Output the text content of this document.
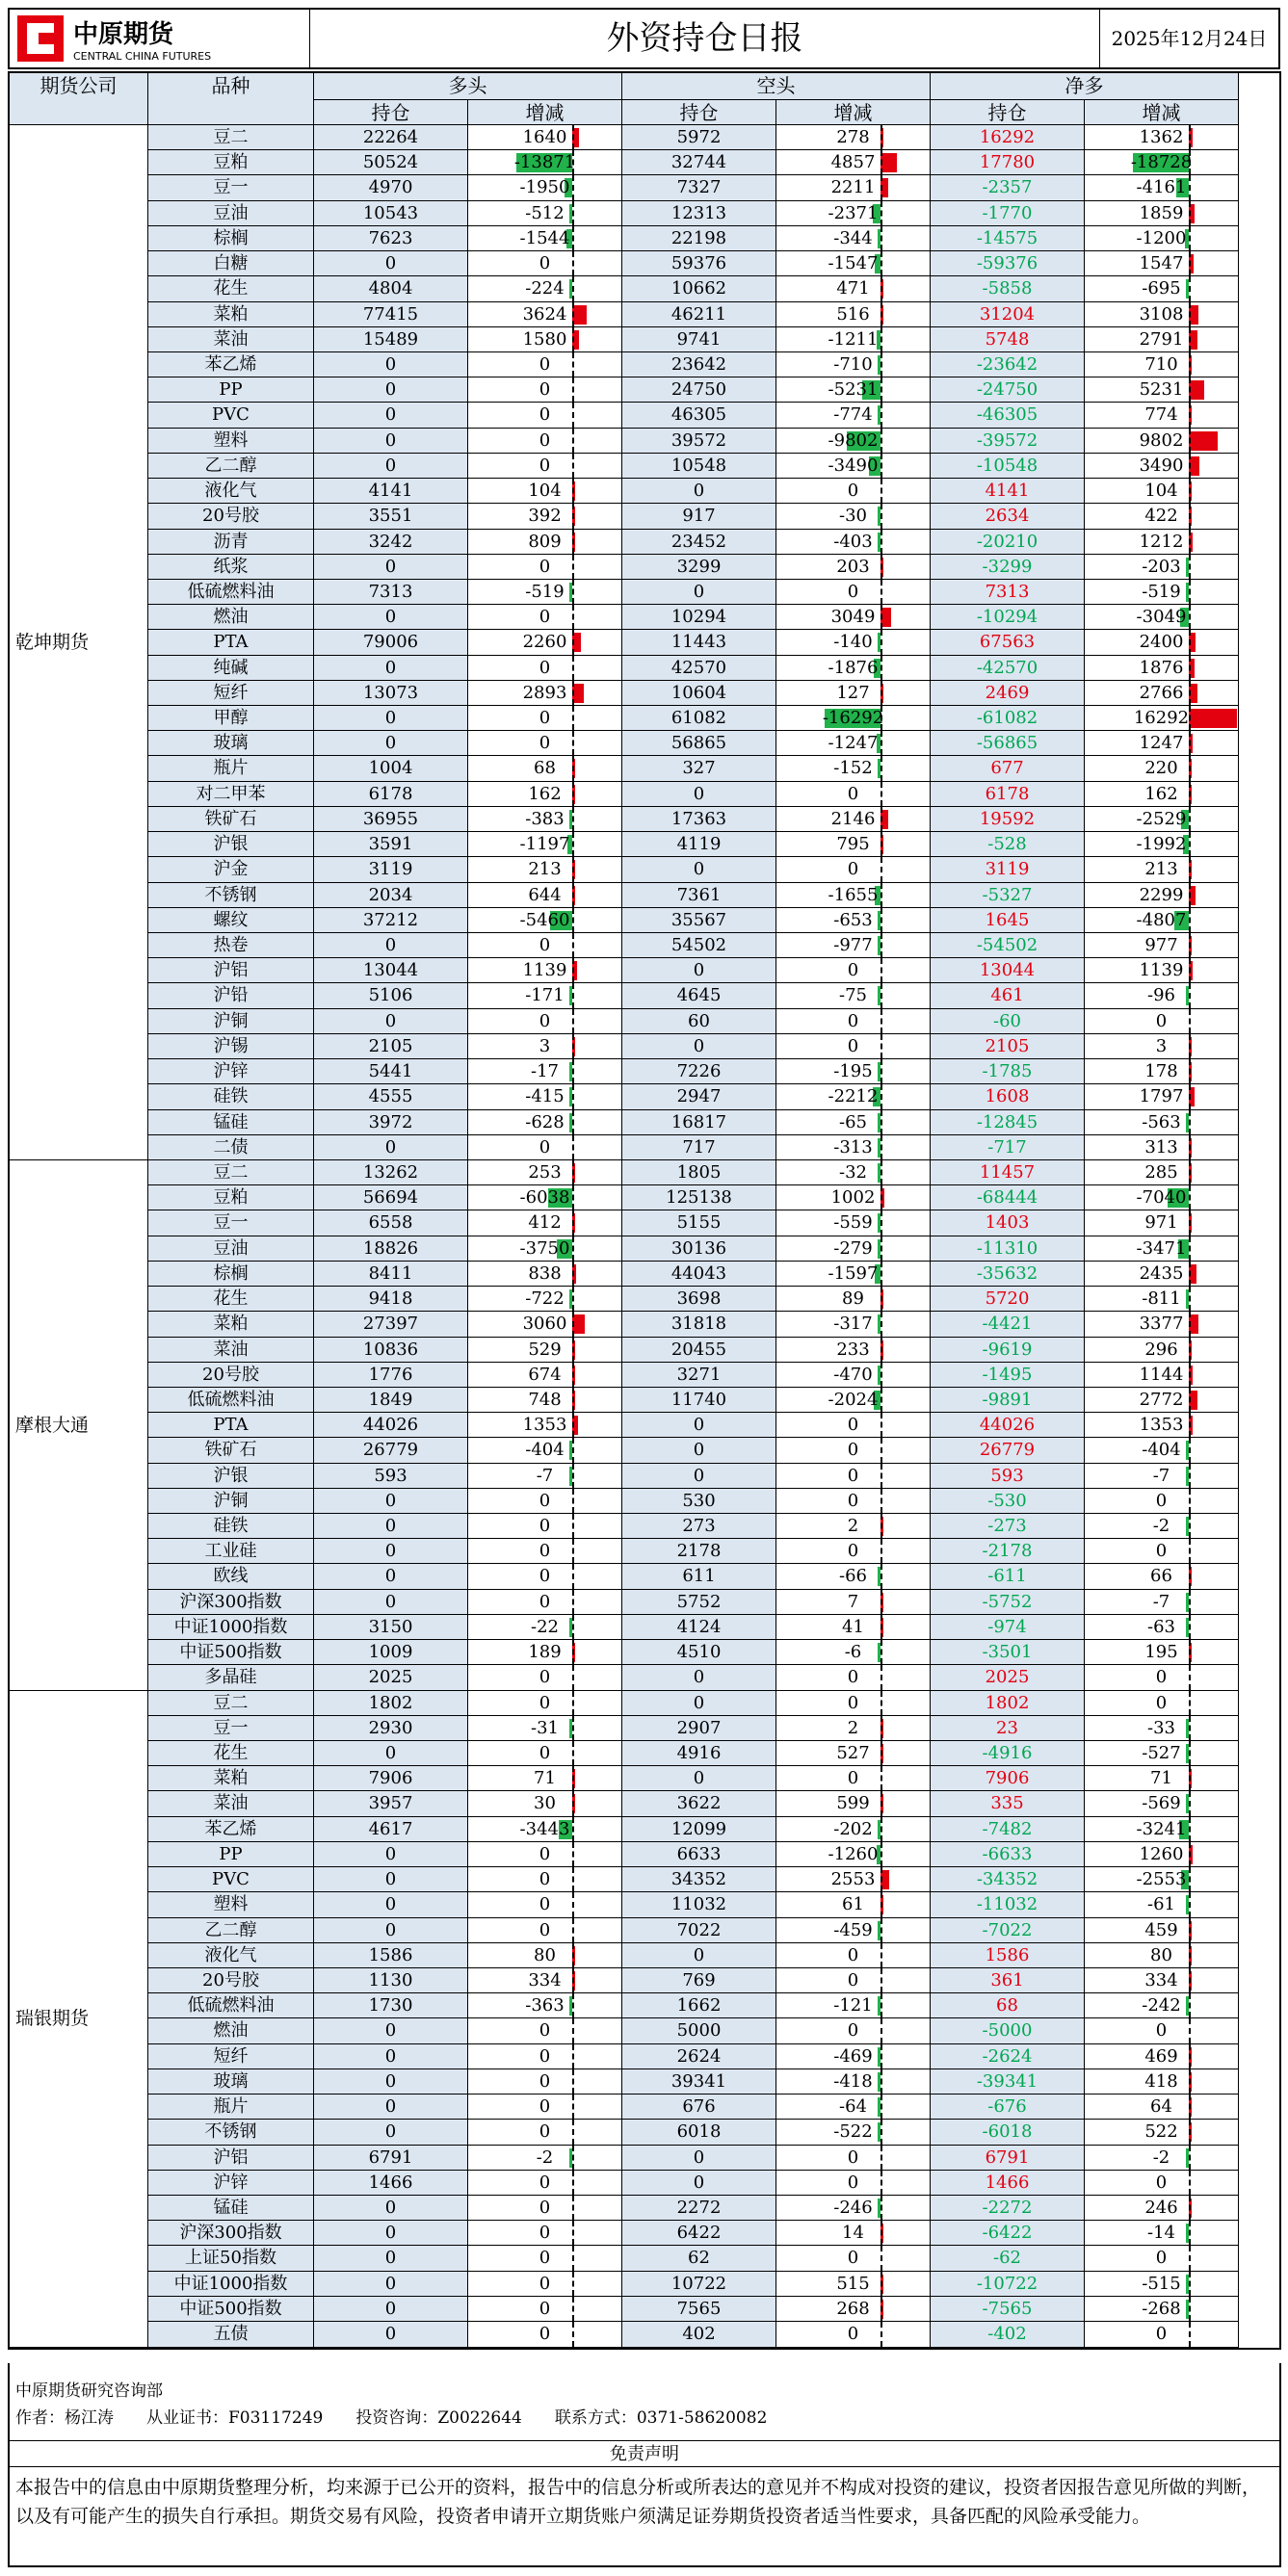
中原期货
CENTRAL CHINA FUTURES	外资持仓日报	2025年12月24日
期货公司	品种	多头	空头	净多
持仓	增减	持仓	增减	持仓	增减
乾坤期货
豆二	22264	1640	5972	278	16292	1362
豆粕	50524	-13871	32744	4857	17780	-18728
豆一	4970	-1950	7327	2211	-2357	-4161
豆油	10543	-512	12313	-2371	-1770	1859
棕榈	7623	-1544	22198	-344	-14575	-1200
白糖	0	0	59376	-1547	-59376	1547
花生	4804	-224	10662	471	-5858	-695
菜粕	77415	3624	46211	516	31204	3108
菜油	15489	1580	9741	-1211	5748	2791
苯乙烯	0	0	23642	-710	-23642	710
PP	0	0	24750	-5231	-24750	5231
PVC	0	0	46305	-774	-46305	774
塑料	0	0	39572	-9802	-39572	9802
乙二醇	0	0	10548	-3490	-10548	3490
液化气	4141	104	0	0	4141	104
20号胶	3551	392	917	-30	2634	422
沥青	3242	809	23452	-403	-20210	1212
纸浆	0	0	3299	203	-3299	-203
低硫燃料油	7313	-519	0	0	7313	-519
燃油	0	0	10294	3049	-10294	-3049
PTA	79006	2260	11443	-140	67563	2400
纯碱	0	0	42570	-1876	-42570	1876
短纤	13073	2893	10604	127	2469	2766
甲醇	0	0	61082	-16292	-61082	16292
玻璃	0	0	56865	-1247	-56865	1247
瓶片	1004	68	327	-152	677	220
对二甲苯	6178	162	0	0	6178	162
铁矿石	36955	-383	17363	2146	19592	-2529
沪银	3591	-1197	4119	795	-528	-1992
沪金	3119	213	0	0	3119	213
不锈钢	2034	644	7361	-1655	-5327	2299
螺纹	37212	-5460	35567	-653	1645	-4807
热卷	0	0	54502	-977	-54502	977
沪铝	13044	1139	0	0	13044	1139
沪铅	5106	-171	4645	-75	461	-96
沪铜	0	0	60	0	-60	0
沪锡	2105	3	0	0	2105	3
沪锌	5441	-17	7226	-195	-1785	178
硅铁	4555	-415	2947	-2212	1608	1797
锰硅	3972	-628	16817	-65	-12845	-563
二债	0	0	717	-313	-717	313
摩根大通
豆二	13262	253	1805	-32	11457	285
豆粕	56694	-6038	125138	1002	-68444	-7040
豆一	6558	412	5155	-559	1403	971
豆油	18826	-3750	30136	-279	-11310	-3471
棕榈	8411	838	44043	-1597	-35632	2435
花生	9418	-722	3698	89	5720	-811
菜粕	27397	3060	31818	-317	-4421	3377
菜油	10836	529	20455	233	-9619	296
20号胶	1776	674	3271	-470	-1495	1144
低硫燃料油	1849	748	11740	-2024	-9891	2772
PTA	44026	1353	0	0	44026	1353
铁矿石	26779	-404	0	0	26779	-404
沪银	593	-7	0	0	593	-7
沪铜	0	0	530	0	-530	0
硅铁	0	0	273	2	-273	-2
工业硅	0	0	2178	0	-2178	0
欧线	0	0	611	-66	-611	66
沪深300指数	0	0	5752	7	-5752	-7
中证1000指数	3150	-22	4124	41	-974	-63
中证500指数	1009	189	4510	-6	-3501	195
多晶硅	2025	0	0	0	2025	0
瑞银期货
豆二	1802	0	0	0	1802	0
豆一	2930	-31	2907	2	23	-33
花生	0	0	4916	527	-4916	-527
菜粕	7906	71	0	0	7906	71
菜油	3957	30	3622	599	335	-569
苯乙烯	4617	-3443	12099	-202	-7482	-3241
PP	0	0	6633	-1260	-6633	1260
PVC	0	0	34352	2553	-34352	-2553
塑料	0	0	11032	61	-11032	-61
乙二醇	0	0	7022	-459	-7022	459
液化气	1586	80	0	0	1586	80
20号胶	1130	334	769	0	361	334
低硫燃料油	1730	-363	1662	-121	68	-242
燃油	0	0	5000	0	-5000	0
短纤	0	0	2624	-469	-2624	469
玻璃	0	0	39341	-418	-39341	418
瓶片	0	0	676	-64	-676	64
不锈钢	0	0	6018	-522	-6018	522
沪铝	6791	-2	0	0	6791	-2
沪锌	1466	0	0	0	1466	0
锰硅	0	0	2272	-246	-2272	246
沪深300指数	0	0	6422	14	-6422	-14
上证50指数	0	0	62	0	-62	0
中证1000指数	0	0	10722	515	-10722	-515
中证500指数	0	0	7565	268	-7565	-268
五债	0	0	402	0	-402	0
中原期货研究咨询部
作者：杨江涛　　从业证书：F03117249　　投资咨询：Z0022644　　联系方式：0371-58620082
免责声明
本报告中的信息由中原期货整理分析，均来源于已公开的资料，报告中的信息分析或所表达的意见并不构成对投资的建议，投资者因报告意见所做的判断，以及有可能产生的损失自行承担。期货交易有风险，投资者申请开立期货账户须满足证券期货投资者适当性要求，具备匹配的风险承受能力。
